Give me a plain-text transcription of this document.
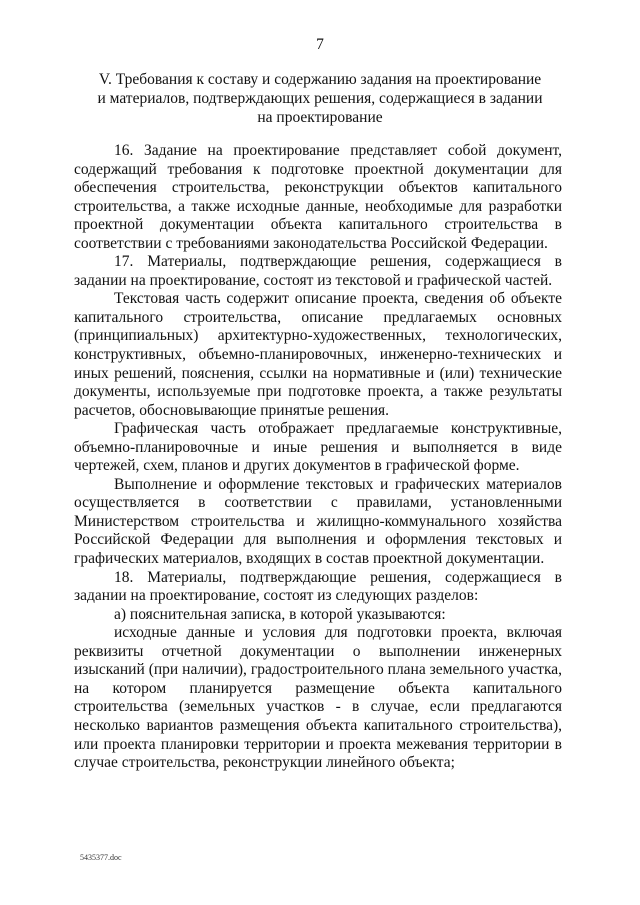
7
V. Требования к составу и содержанию задания на проектирование
и материалов, подтверждающих решения, содержащиеся в задании
на проектирование

16. Задание на проектирование представляет собой документ, содержащий требования к подготовке проектной документации для обеспечения строительства, реконструкции объектов капитального строительства, а также исходные данные, необходимые для разработки проектной документации объекта капитального строительства в соответствии с требованиями законодательства Российской Федерации.

17. Материалы, подтверждающие решения, содержащиеся в задании на проектирование, состоят из текстовой и графической частей.

Текстовая часть содержит описание проекта, сведения об объекте капитального строительства, описание предлагаемых основных (принципиальных) архитектурно-художественных, технологических, конструктивных, объемно-планировочных, инженерно-технических и иных решений, пояснения, ссылки на нормативные и (или) технические документы, используемые при подготовке проекта, а также результаты расчетов, обосновывающие принятые решения.

Графическая часть отображает предлагаемые конструктивные, объемно-планировочные и иные решения и выполняется в виде чертежей, схем, планов и других документов в графической форме.

Выполнение и оформление текстовых и графических материалов осуществляется в соответствии с правилами, установленными Министерством строительства и жилищно-коммунального хозяйства Российской Федерации для выполнения и оформления текстовых и графических материалов, входящих в состав проектной документации.

18. Материалы, подтверждающие решения, содержащиеся в задании на проектирование, состоят из следующих разделов:

а) пояснительная записка, в которой указываются:

исходные данные и условия для подготовки проекта, включая реквизиты отчетной документации о выполнении инженерных изысканий (при наличии), градостроительного плана земельного участка, на котором планируется размещение объекта капитального строительства (земельных участков - в случае, если предлагаются несколько вариантов размещения объекта капитального строительства), или проекта планировки территории и проекта межевания территории в случае строительства, реконструкции линейного объекта;

5435377.doc
